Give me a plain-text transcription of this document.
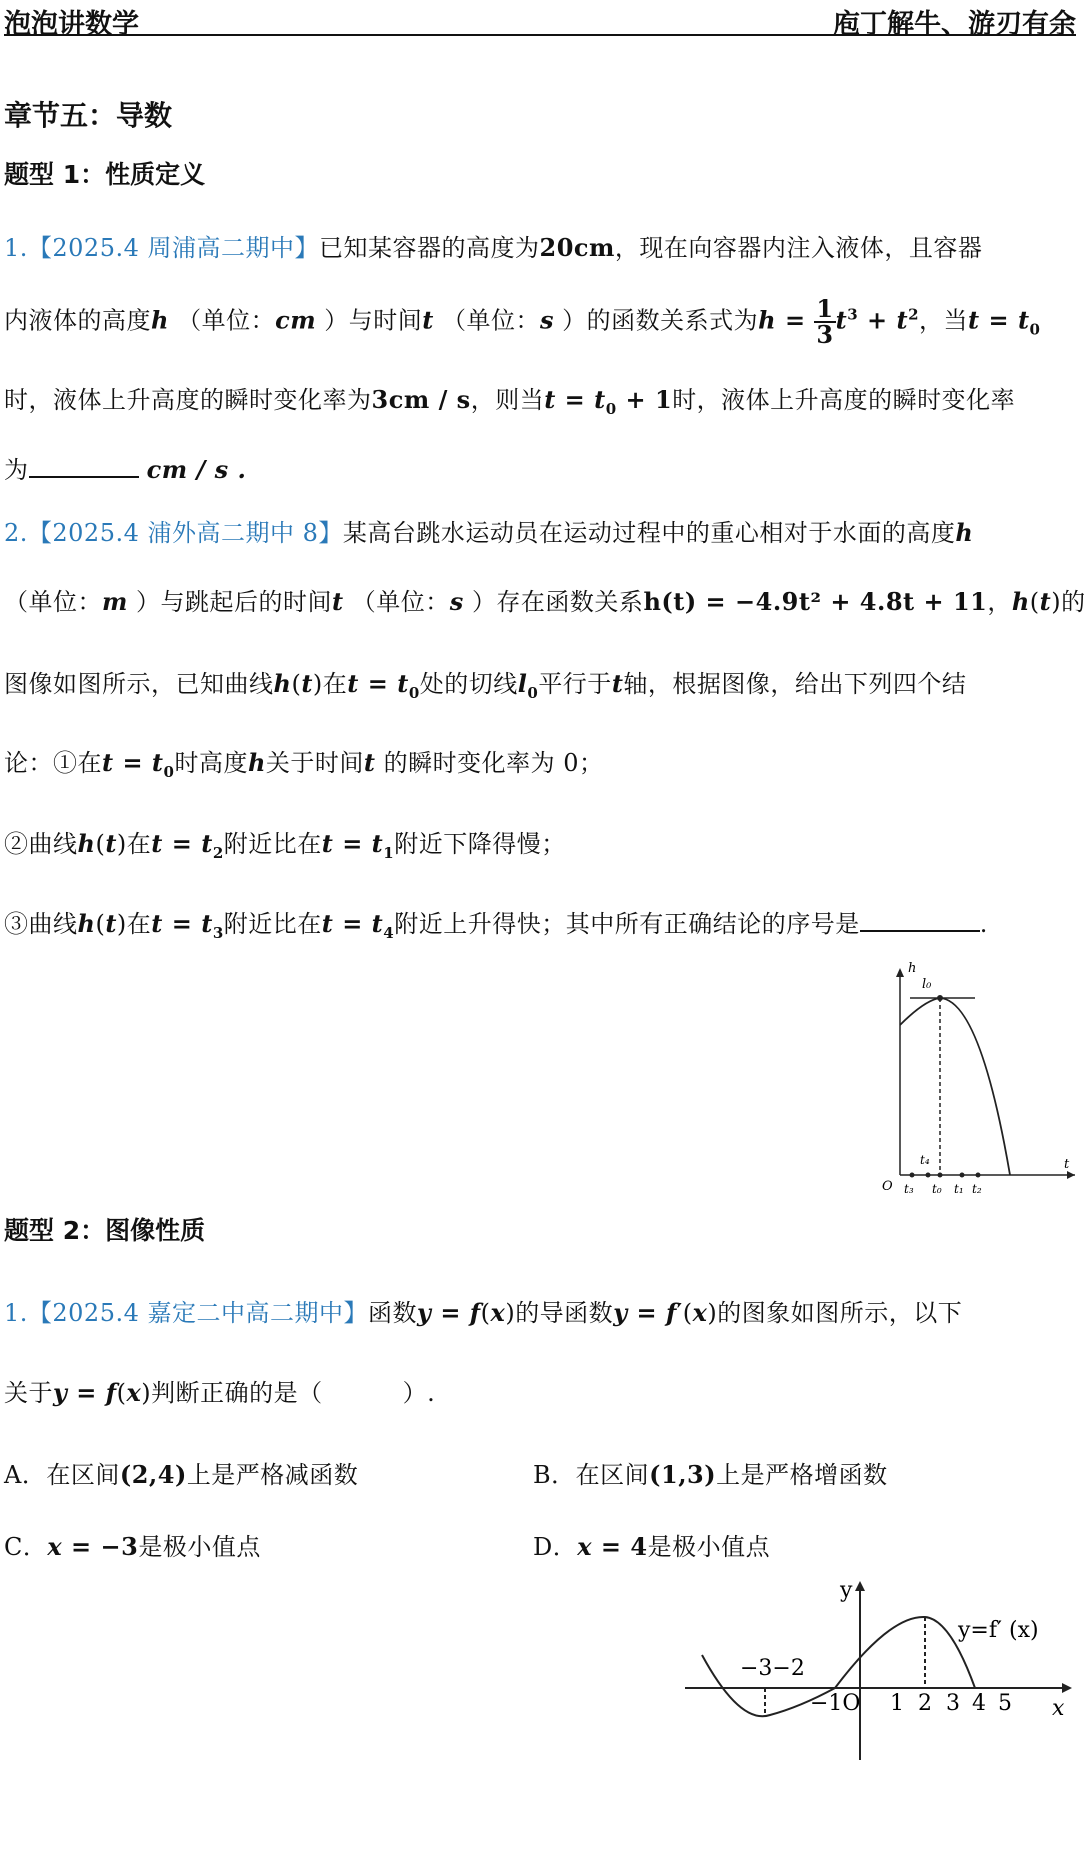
泡泡讲数学	庖丁解牛、游刃有余
章节五：导数
题型 1：性质定义
1.【2025.4 周浦高二期中】已知某容器的高度为20cm，现在向容器内注入液体，且容器
内液体的高度h （单位：cm ）与时间t （单位：s ）的函数关系式为$h = \frac{1}{3} t^3 + t^2$，当$t = t_0$
时，液体上升高度的瞬时变化率为3cm / s，则当$t = t_0 + 1$时，液体上升高度的瞬时变化率
为	cm / s .
2.【2025.4 浦外高二期中 8】某高台跳水运动员在运动过程中的重心相对于水面的高度h
（单位：m ）与跳起后的时间t （单位：s ）存在函数关系h(t) = −4.9t² + 4.8t + 11，h(t)的
图像如图所示，已知曲线h(t)在$t = t_0$处的切线$l_0$平行于t轴，根据图像，给出下列四个结
论：①在$t = t_0$时高度h关于时间t 的瞬时变化率为 0；
②曲线h(t)在$t = t_2$附近比在$t = t_1$附近下降得慢；
③曲线h(t)在$t = t_3$附近比在$t = t_4$附近上升得快；其中所有正确结论的序号是	.
h
t
O
l₀
t₄
t₃ t₀ t₁ t₂
题型 2：图像性质
1.【2025.4 嘉定二中高二期中】函数y = f(x)的导函数y = f′(x)的图象如图所示，以下
关于y = f(x)判断正确的是（	）.
A．在区间(2,4)上是严格减函数	B．在区间(1,3)上是严格增函数
C．x = −3是极小值点	D．x = 4是极小值点
y
x
y=f′ (x)
−3−2
−1O 1 2 3 4 5
